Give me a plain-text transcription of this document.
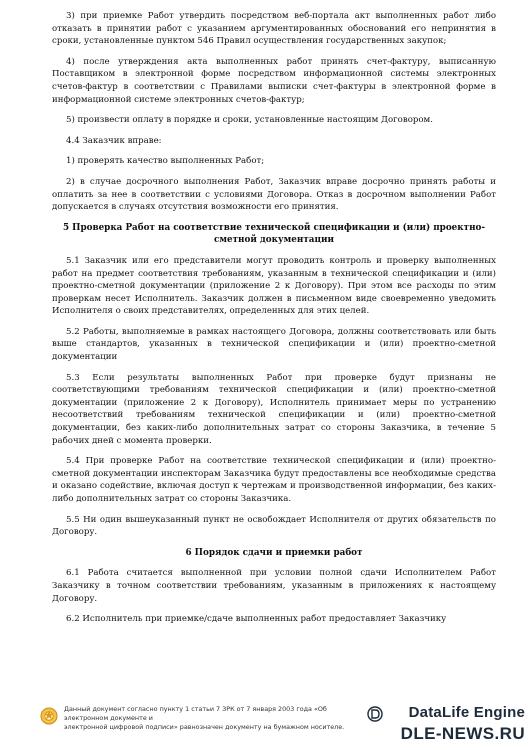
3) при приемке Работ утвердить посредством веб-портала акт выполненных работ либо отказать в принятии работ с указанием аргументированных обоснований его непринятия в сроки, установленные пунктом 546 Правил осуществления государственных закупок;

4) после утверждения акта выполненных работ принять счет-фактуру, выписанную Поставщиком в электронной форме посредством информационной системы электронных счетов-фактур в соответствии с Правилами выписки счет-фактуры в электронной форме в информационной системе электронных счетов-фактур;

5) произвести оплату в порядке и сроки, установленные настоящим Договором.

4.4 Заказчик вправе:

1) проверять качество выполненных Работ;

2) в случае досрочного выполнения Работ, Заказчик вправе досрочно принять работы и оплатить за нее в соответствии с условиями Договора. Отказ в досрочном выполнении Работ допускается в случаях отсутствия возможности его принятия.

5 Проверка Работ на соответствие технической спецификации и (или) проектно-сметной документации

5.1 Заказчик или его представители могут проводить контроль и проверку выполненных работ на предмет соответствия требованиям, указанным в технической спецификации и (или) проектно-сметной документации (приложение 2 к Договору). При этом все расходы по этим проверкам несет Исполнитель. Заказчик должен в письменном виде своевременно уведомить Исполнителя о своих представителях, определенных для этих целей.

5.2 Работы, выполняемые в рамках настоящего Договора, должны соответствовать или быть выше стандартов, указанных в технической спецификации и (или) проектно-сметной документации

5.3 Если результаты выполненных Работ при проверке будут признаны не соответствующими требованиям технической спецификации и (или) проектно-сметной документации (приложение 2 к Договору), Исполнитель принимает меры по устранению несоответствий требованиям технической спецификации и (или) проектно-сметной документации, без каких-либо дополнительных затрат со стороны Заказчика, в течение 5 рабочих дней с момента проверки.

5.4 При проверке Работ на соответствие технической спецификации и (или) проектно-сметной документации инспекторам Заказчика будут предоставлены все необходимые средства и оказано содействие, включая доступ к чертежам и производственной информации, без каких-либо дополнительных затрат со стороны Заказчика.

5.5 Ни один вышеуказанный пункт не освобождает Исполнителя от других обязательств по Договору.

6 Порядок сдачи и приемки работ

6.1 Работа считается выполненной при условии полной сдачи Исполнителем Работ Заказчику в точном соответствии требованиям, указанным в приложениях к настоящему Договору.

6.2 Исполнитель при приемке/сдаче выполненных работ предоставляет Заказчику

Данный документ согласно пункту 1 статьи 7 ЗРК от 7 января 2003 года «Об электронном документе и
электронной цифровой подписи» равнозначен документу на бумажном носителе.
DataLife Engine
DLE-NEWS.RU
